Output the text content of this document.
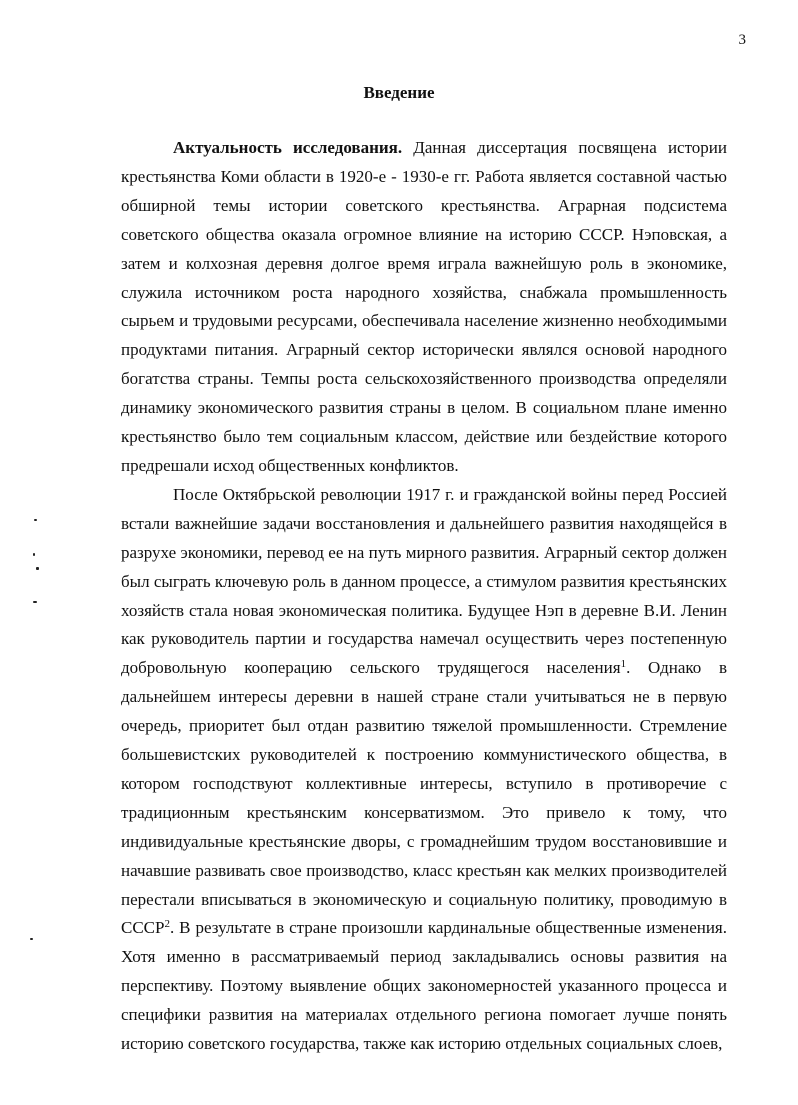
3
Введение

Актуальность исследования. Данная диссертация посвящена истории крестьянства Коми области в 1920-е - 1930-е гг. Работа является составной частью обширной темы истории советского крестьянства. Аграрная подсистема советского общества оказала огромное влияние на историю СССР. Нэповская, а затем и колхозная деревня долгое время играла важнейшую роль в экономике, служила источником роста народного хозяйства, снабжала промышленность сырьем и трудовыми ресурсами, обеспечивала население жизненно необходимыми продуктами питания. Аграрный сектор исторически являлся основой народного богатства страны. Темпы роста сельскохозяйственного производства определяли динамику экономического развития страны в целом. В социальном плане именно крестьянство было тем социальным классом, действие или бездействие которого предрешали исход общественных конфликтов.

После Октябрьской революции 1917 г. и гражданской войны перед Россией встали важнейшие задачи восстановления и дальнейшего развития находящейся в разрухе экономики, перевод ее на путь мирного развития. Аграрный сектор должен был сыграть ключевую роль в данном процессе, а стимулом развития крестьянских хозяйств стала новая экономическая политика. Будущее Нэп в деревне В.И. Ленин как руководитель партии и государства намечал осуществить через постепенную добровольную кооперацию сельского трудящегося населения$^1$. Однако в дальнейшем интересы деревни в нашей стране стали учитываться не в первую очередь, приоритет был отдан развитию тяжелой промышленности. Стремление большевистских руководителей к построению коммунистического общества, в котором господствуют коллективные интересы, вступило в противоречие с традиционным крестьянским консерватизмом. Это привело к тому, что индивидуальные крестьянские дворы, с громаднейшим трудом восстановившие и начавшие развивать свое производство, класс крестьян как мелких производителей перестали вписываться в экономическую и социальную политику, проводимую в СССР$^2$. В результате в стране произошли кардинальные общественные изменения. Хотя именно в рассматриваемый период закладывались основы развития на перспективу. Поэтому выявление общих закономерностей указанного процесса и специфики развития на материалах отдельного региона помогает лучше понять историю советского государства, также как историю отдельных социальных слоев,
